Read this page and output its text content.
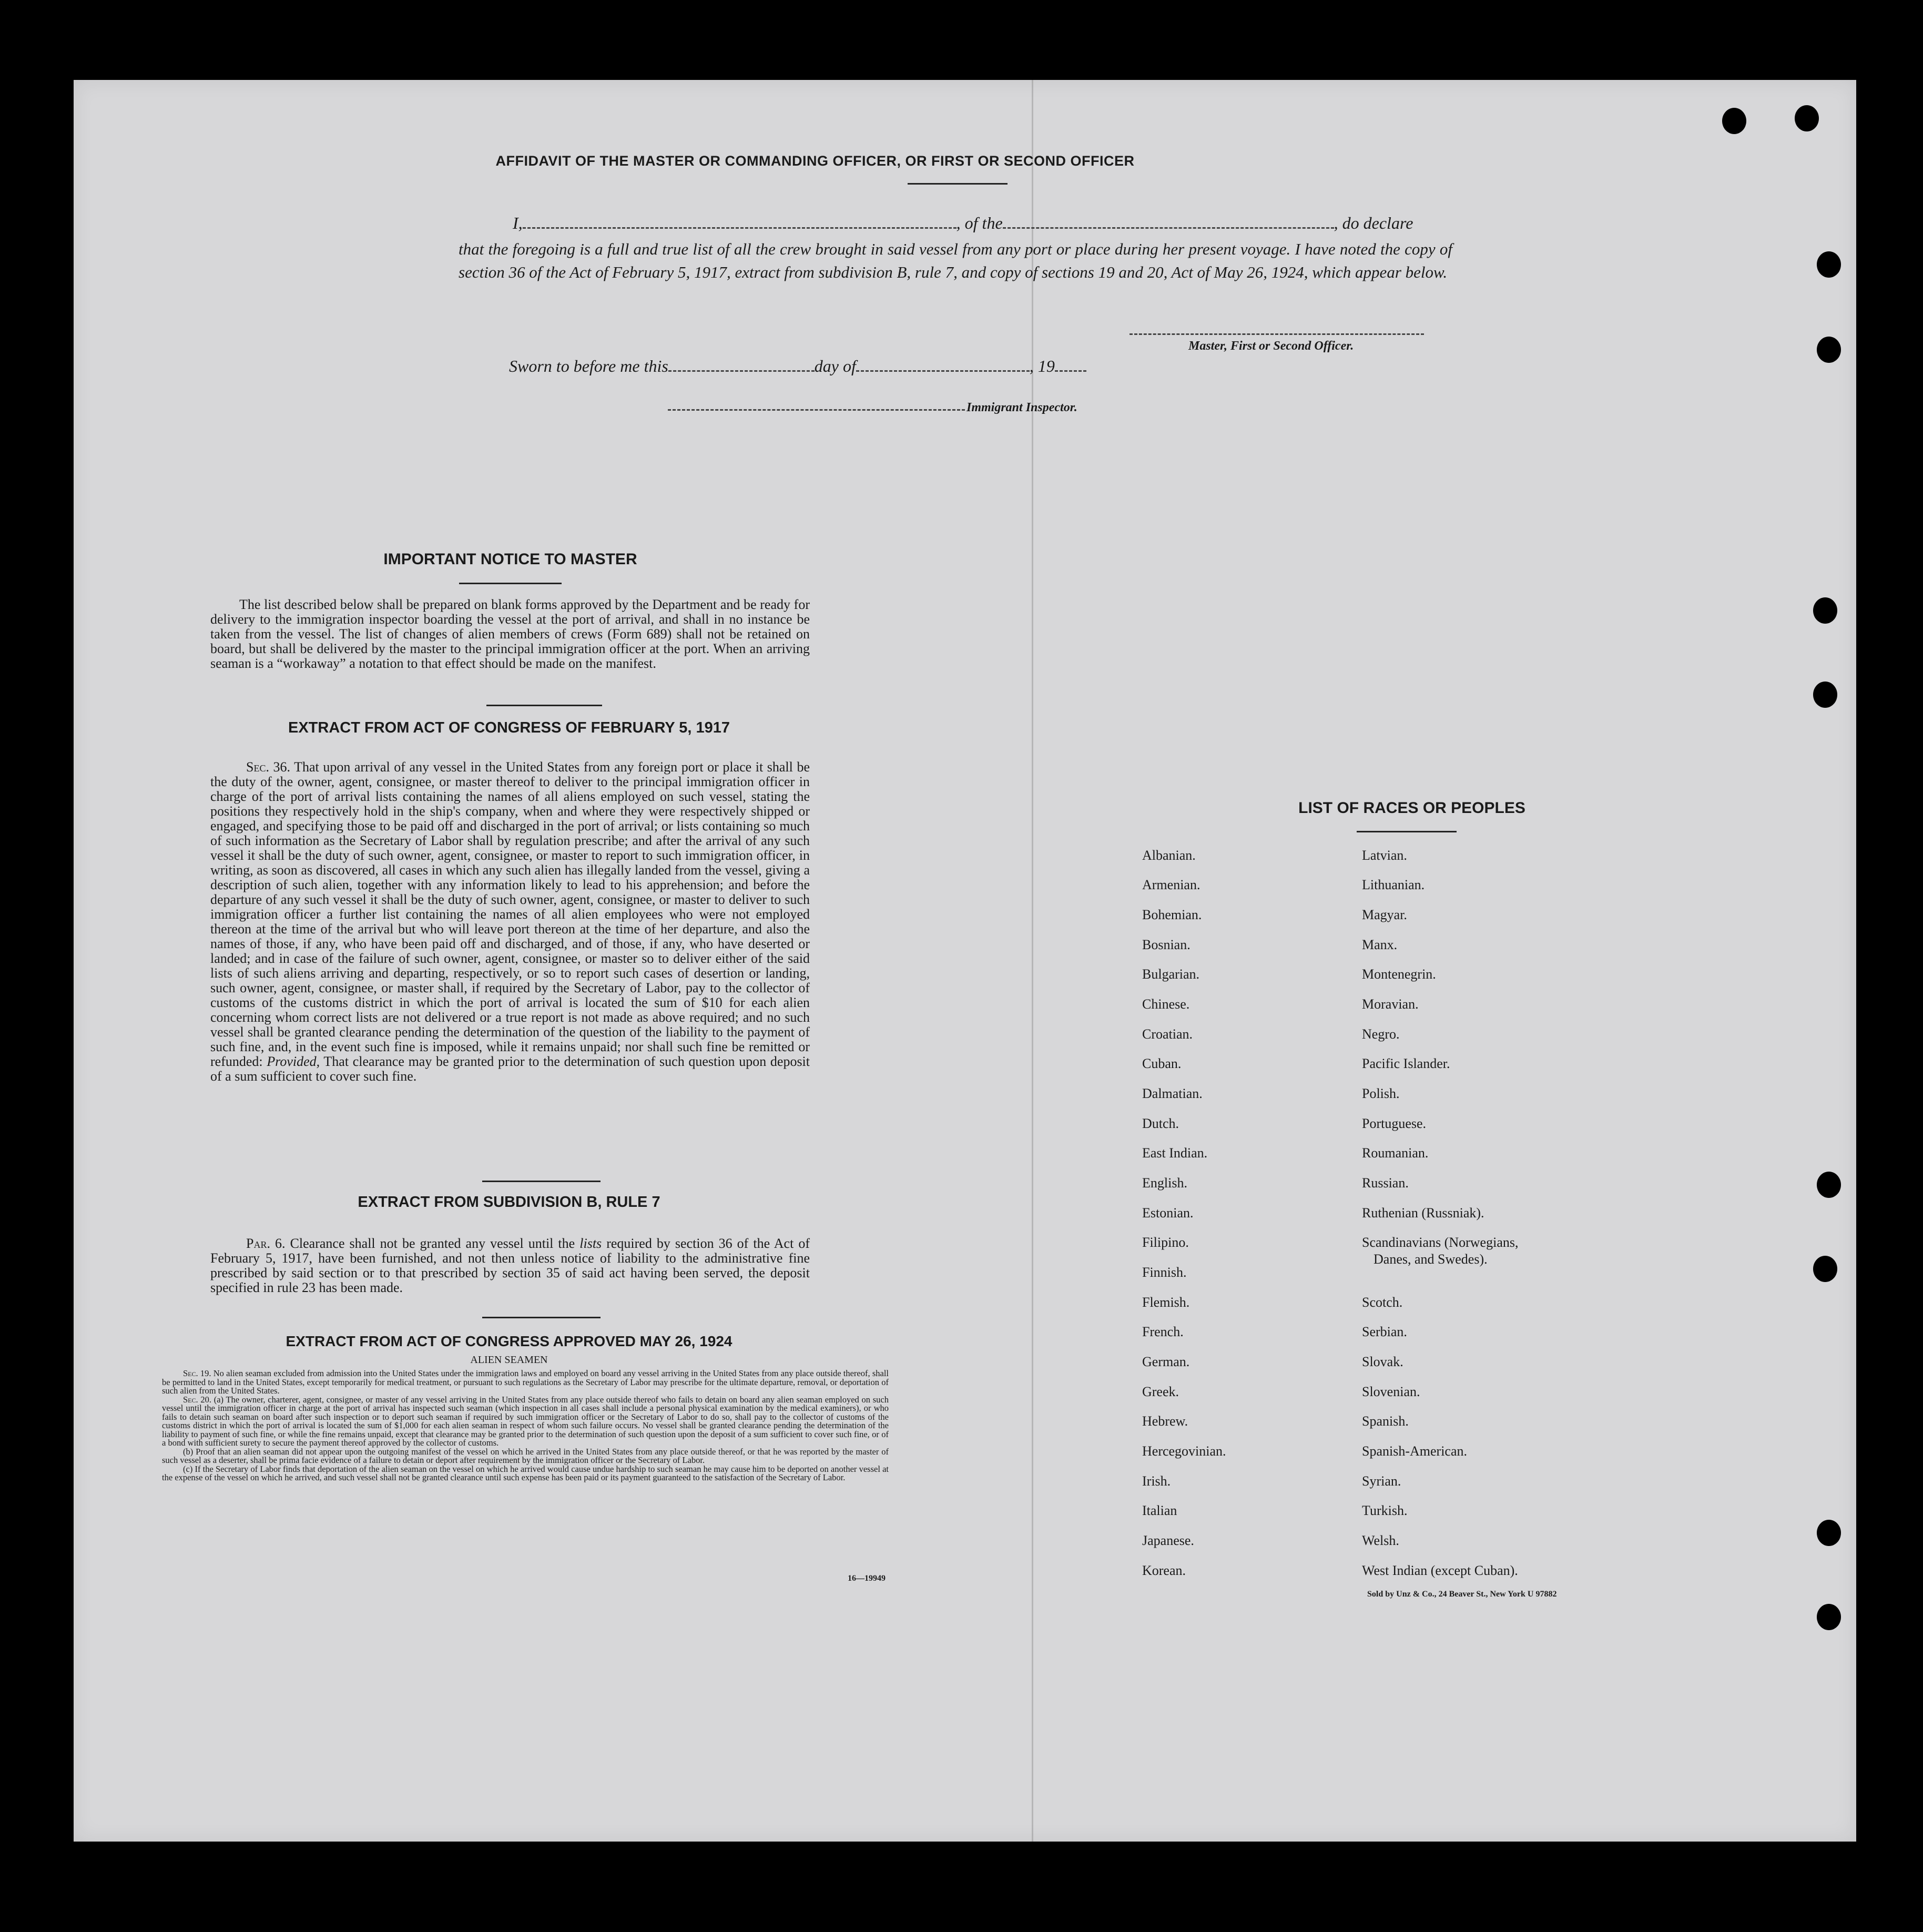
AFFIDAVIT OF THE MASTER OR COMMANDING OFFICER, OR FIRST OR SECOND OFFICER
I,	, of the	, do declare
that the foregoing is a full and true list of all the crew brought in said vessel from any port or place during her present voyage. I have noted the copy of section 36 of the Act of February 5, 1917, extract from subdivision B, rule 7, and copy of sections 19 and 20, Act of May 26, 1924, which appear below.
Master, First or Second Officer.
Sworn to before me this	day of	, 19
Immigrant Inspector.
IMPORTANT NOTICE TO MASTER
The list described below shall be prepared on blank forms approved by the Department and be ready for delivery to the immigration inspector boarding the vessel at the port of arrival, and shall in no instance be taken from the vessel. The list of changes of alien members of crews (Form 689) shall not be retained on board, but shall be delivered by the master to the principal immigration officer at the port. When an arriving seaman is a “workaway” a notation to that effect should be made on the manifest.
EXTRACT FROM ACT OF CONGRESS OF FEBRUARY 5, 1917
Sec. 36. That upon arrival of any vessel in the United States from any foreign port or place it shall be the duty of the owner, agent, consignee, or master thereof to deliver to the principal immigration officer in charge of the port of arrival lists containing the names of all aliens employed on such vessel, stating the positions they respectively hold in the ship's company, when and where they were respectively shipped or engaged, and specifying those to be paid off and discharged in the port of arrival; or lists containing so much of such information as the Secretary of Labor shall by regulation prescribe; and after the arrival of any such vessel it shall be the duty of such owner, agent, consignee, or master to report to such immigration officer, in writing, as soon as discovered, all cases in which any such alien has illegally landed from the vessel, giving a description of such alien, together with any information likely to lead to his apprehension; and before the departure of any such vessel it shall be the duty of such owner, agent, consignee, or master to deliver to such immigration officer a further list containing the names of all alien employees who were not employed thereon at the time of the arrival but who will leave port thereon at the time of her departure, and also the names of those, if any, who have been paid off and discharged, and of those, if any, who have deserted or landed; and in case of the failure of such owner, agent, consignee, or master so to deliver either of the said lists of such aliens arriving and departing, respectively, or so to report such cases of desertion or landing, such owner, agent, consignee, or master shall, if required by the Secretary of Labor, pay to the collector of customs of the customs district in which the port of arrival is located the sum of $10 for each alien concerning whom correct lists are not delivered or a true report is not made as above required; and no such vessel shall be granted clearance pending the determination of the question of the liability to the payment of such fine, and, in the event such fine is imposed, while it remains unpaid; nor shall such fine be remitted or refunded: Provided, That clearance may be granted prior to the determination of such question upon deposit of a sum sufficient to cover such fine.
EXTRACT FROM SUBDIVISION B, RULE 7
Par. 6. Clearance shall not be granted any vessel until the lists required by section 36 of the Act of February 5, 1917, have been furnished, and not then unless notice of liability to the administrative fine prescribed by said section or to that prescribed by section 35 of said act having been served, the deposit specified in rule 23 has been made.
EXTRACT FROM ACT OF CONGRESS APPROVED MAY 26, 1924
ALIEN SEAMEN
Sec. 19. No alien seaman excluded from admission into the United States under the immigration laws and employed on board any vessel arriving in the United States from any place outside thereof, shall be permitted to land in the United States, except temporarily for medical treatment, or pursuant to such regulations as the Secretary of Labor may prescribe for the ultimate departure, removal, or deportation of such alien from the United States.
Sec. 20. (a) The owner, charterer, agent, consignee, or master of any vessel arriving in the United States from any place outside thereof who fails to detain on board any alien seaman employed on such vessel until the immigration officer in charge at the port of arrival has inspected such seaman (which inspection in all cases shall include a personal physical examination by the medical examiners), or who fails to detain such seaman on board after such inspection or to deport such seaman if required by such immigration officer or the Secretary of Labor to do so, shall pay to the collector of customs of the customs district in which the port of arrival is located the sum of $1,000 for each alien seaman in respect of whom such failure occurs. No vessel shall be granted clearance pending the determination of the liability to payment of such fine, or while the fine remains unpaid, except that clearance may be granted prior to the determination of such question upon the deposit of a sum sufficient to cover such fine, or of a bond with sufficient surety to secure the payment thereof approved by the collector of customs.
(b) Proof that an alien seaman did not appear upon the outgoing manifest of the vessel on which he arrived in the United States from any place outside thereof, or that he was reported by the master of such vessel as a deserter, shall be prima facie evidence of a failure to detain or deport after requirement by the immigration officer or the Secretary of Labor.
(c) If the Secretary of Labor finds that deportation of the alien seaman on the vessel on which he arrived would cause undue hardship to such seaman he may cause him to be deported on another vessel at the expense of the vessel on which he arrived, and such vessel shall not be granted clearance until such expense has been paid or its payment guaranteed to the satisfaction of the Secretary of Labor.
16—19949
LIST OF RACES OR PEOPLES
Albanian.
Armenian.
Bohemian.
Bosnian.
Bulgarian.
Chinese.
Croatian.
Cuban.
Dalmatian.
Dutch.
East Indian.
English.
Estonian.
Filipino.
Finnish.
Flemish.
French.
German.
Greek.
Hebrew.
Hercegovinian.
Irish.
Italian
Japanese.
Korean.
Latvian.
Lithuanian.
Magyar.
Manx.
Montenegrin.
Moravian.
Negro.
Pacific Islander.
Polish.
Portuguese.
Roumanian.
Russian.
Ruthenian (Russniak).
Scandinavians (Norwegians,
Danes, and Swedes).
Scotch.
Serbian.
Slovak.
Slovenian.
Spanish.
Spanish-American.
Syrian.
Turkish.
Welsh.
West Indian (except Cuban).
Sold by Unz & Co., 24 Beaver St., New York U 97882
